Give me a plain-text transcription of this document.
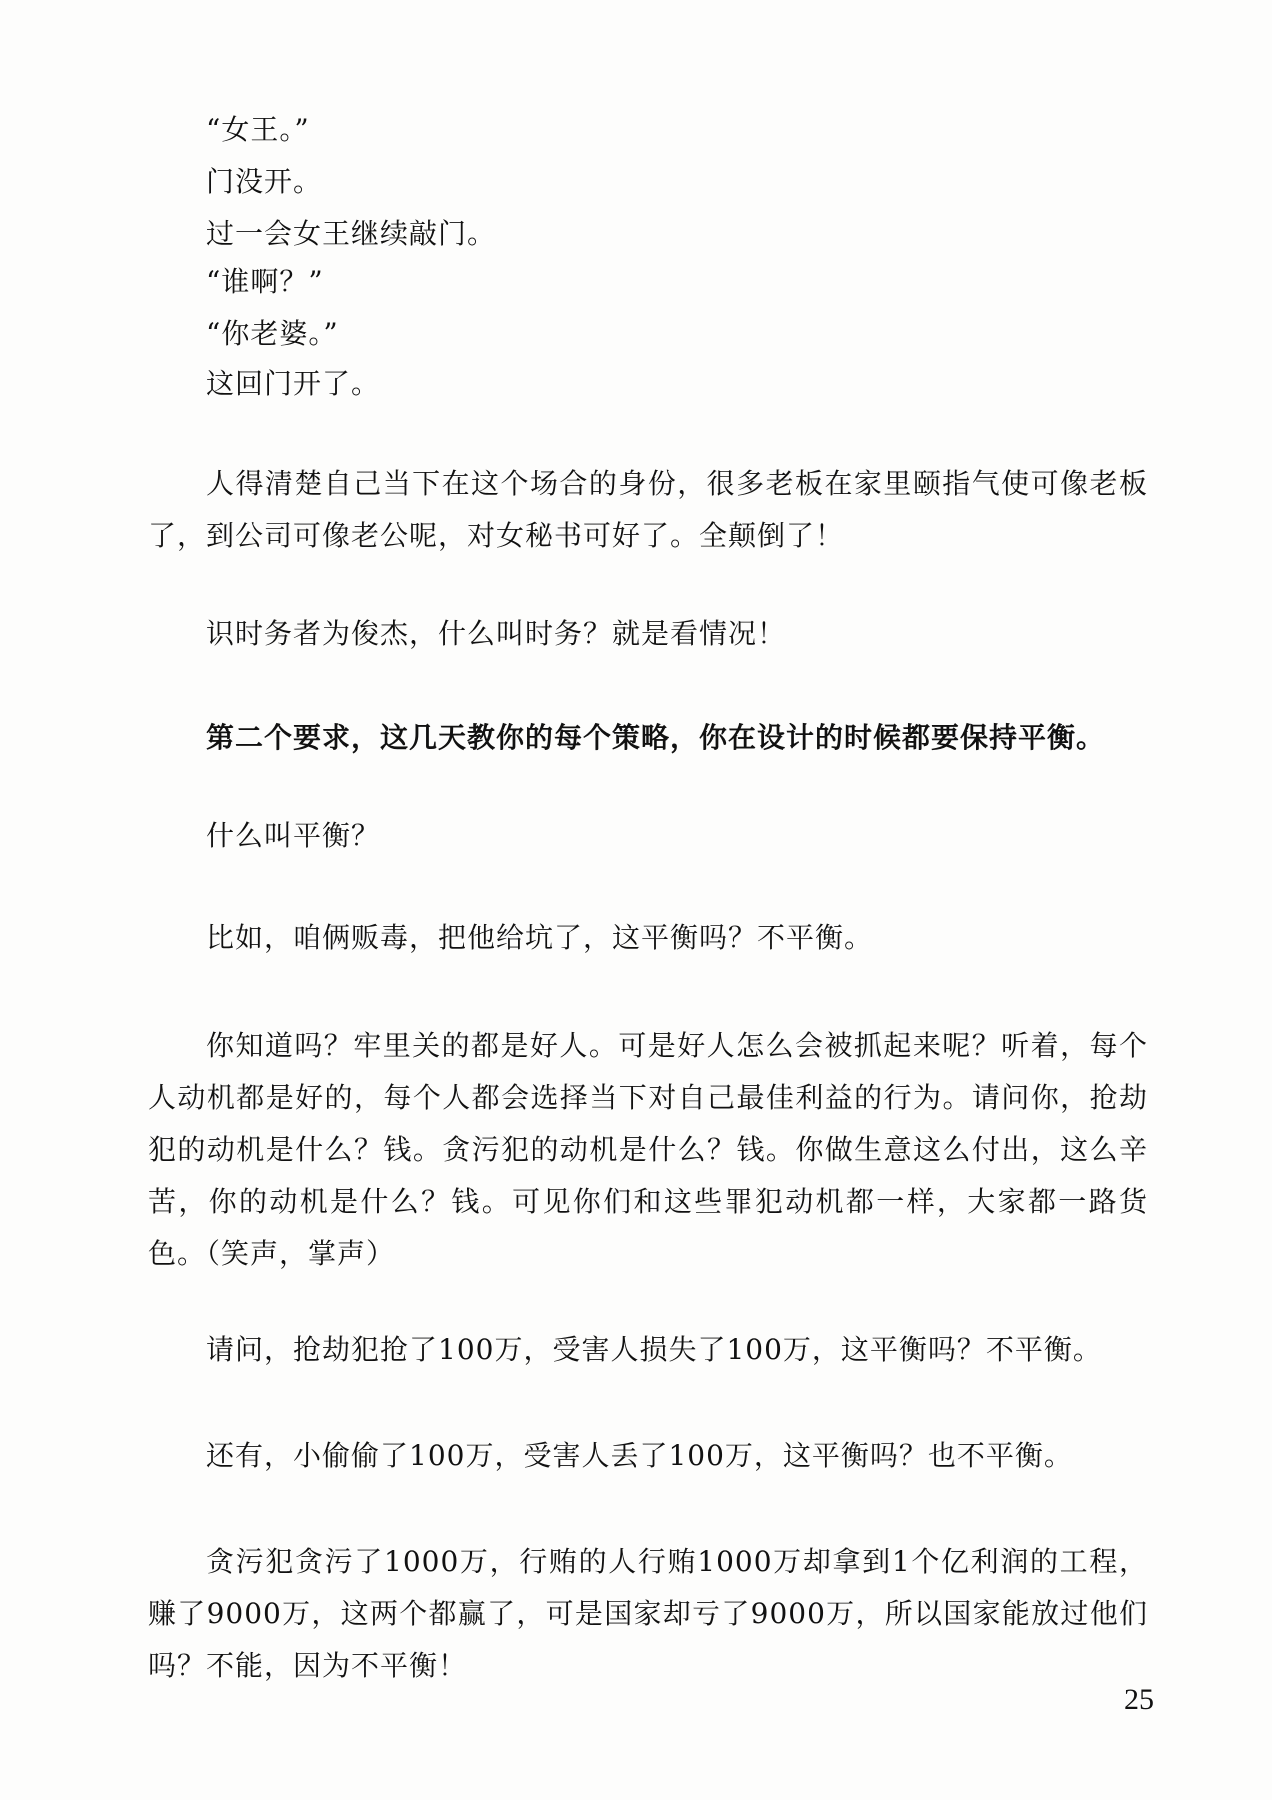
“女王。”
门没开。
过一会女王继续敲门。
“谁啊？”
“你老婆。”
这回门开了。

人得清楚自己当下在这个场合的身份，很多老板在家里颐指气使可像老板了，到公司可像老公呢，对女秘书可好了。全颠倒了！

识时务者为俊杰，什么叫时务？就是看情况！

第二个要求，这几天教你的每个策略，你在设计的时候都要保持平衡。

什么叫平衡？

比如，咱俩贩毒，把他给坑了，这平衡吗？不平衡。

你知道吗？牢里关的都是好人。可是好人怎么会被抓起来呢？听着，每个人动机都是好的，每个人都会选择当下对自己最佳利益的行为。请问你，抢劫犯的动机是什么？钱。贪污犯的动机是什么？钱。你做生意这么付出，这么辛苦，你的动机是什么？钱。可见你们和这些罪犯动机都一样，大家都一路货色。（笑声，掌声）

请问，抢劫犯抢了100万，受害人损失了100万，这平衡吗？不平衡。

还有，小偷偷了100万，受害人丢了100万，这平衡吗？也不平衡。

贪污犯贪污了1000万，行贿的人行贿1000万却拿到1个亿利润的工程，赚了9000万，这两个都赢了，可是国家却亏了9000万，所以国家能放过他们吗？不能，因为不平衡！

25
